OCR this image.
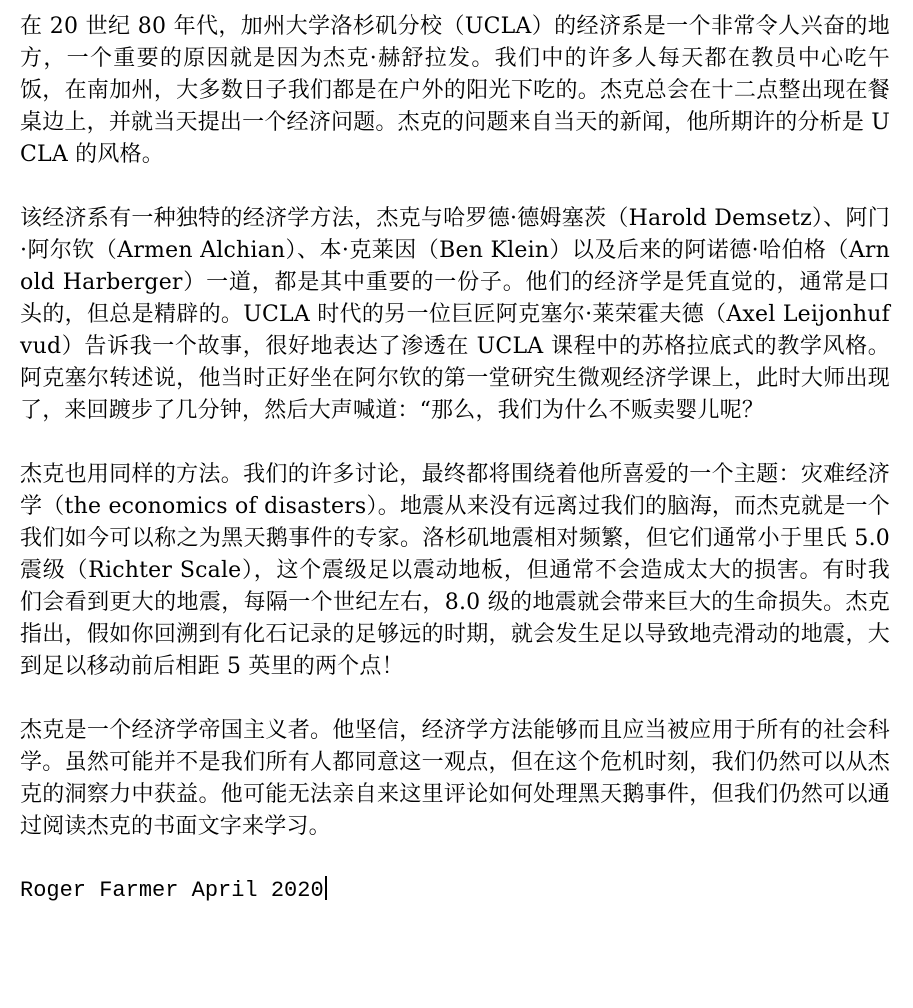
在 20 世纪 80 年代，加州大学洛杉矶分校（UCLA）的经济系是一个非常令人兴奋的地方，一个重要的原因就是因为杰克·赫舒拉发。我们中的许多人每天都在教员中心吃午饭，在南加州，大多数日子我们都是在户外的阳光下吃的。杰克总会在十二点整出现在餐桌边上，并就当天提出一个经济问题。杰克的问题来自当天的新闻，他所期许的分析是 UCLA 的风格。

该经济系有一种独特的经济学方法，杰克与哈罗德·德姆塞茨（Harold Demsetz）、阿门·阿尔钦（Armen Alchian）、本·克莱因（Ben Klein）以及后来的阿诺德·哈伯格（Arnold Harberger）一道，都是其中重要的一份子。他们的经济学是凭直觉的，通常是口头的，但总是精辟的。UCLA 时代的另一位巨匠阿克塞尔·莱荣霍夫德（Axel Leijonhufvud）告诉我一个故事，很好地表达了渗透在 UCLA 课程中的苏格拉底式的教学风格。阿克塞尔转述说，他当时正好坐在阿尔钦的第一堂研究生微观经济学课上，此时大师出现了，来回踱步了几分钟，然后大声喊道：“那么，我们为什么不贩卖婴儿呢？

杰克也用同样的方法。我们的许多讨论，最终都将围绕着他所喜爱的一个主题：灾难经济学（the economics of disasters）。地震从来没有远离过我们的脑海，而杰克就是一个我们如今可以称之为黑天鹅事件的专家。洛杉矶地震相对频繁，但它们通常小于里氏 5.0 震级（Richter Scale），这个震级足以震动地板，但通常不会造成太大的损害。有时我们会看到更大的地震，每隔一个世纪左右，8.0 级的地震就会带来巨大的生命损失。杰克指出，假如你回溯到有化石记录的足够远的时期，就会发生足以导致地壳滑动的地震，大到足以移动前后相距 5 英里的两个点！

杰克是一个经济学帝国主义者。他坚信，经济学方法能够而且应当被应用于所有的社会科学。虽然可能并不是我们所有人都同意这一观点，但在这个危机时刻，我们仍然可以从杰克的洞察力中获益。他可能无法亲自来这里评论如何处理黑天鹅事件，但我们仍然可以通过阅读杰克的书面文字来学习。

Roger Farmer April 2020
